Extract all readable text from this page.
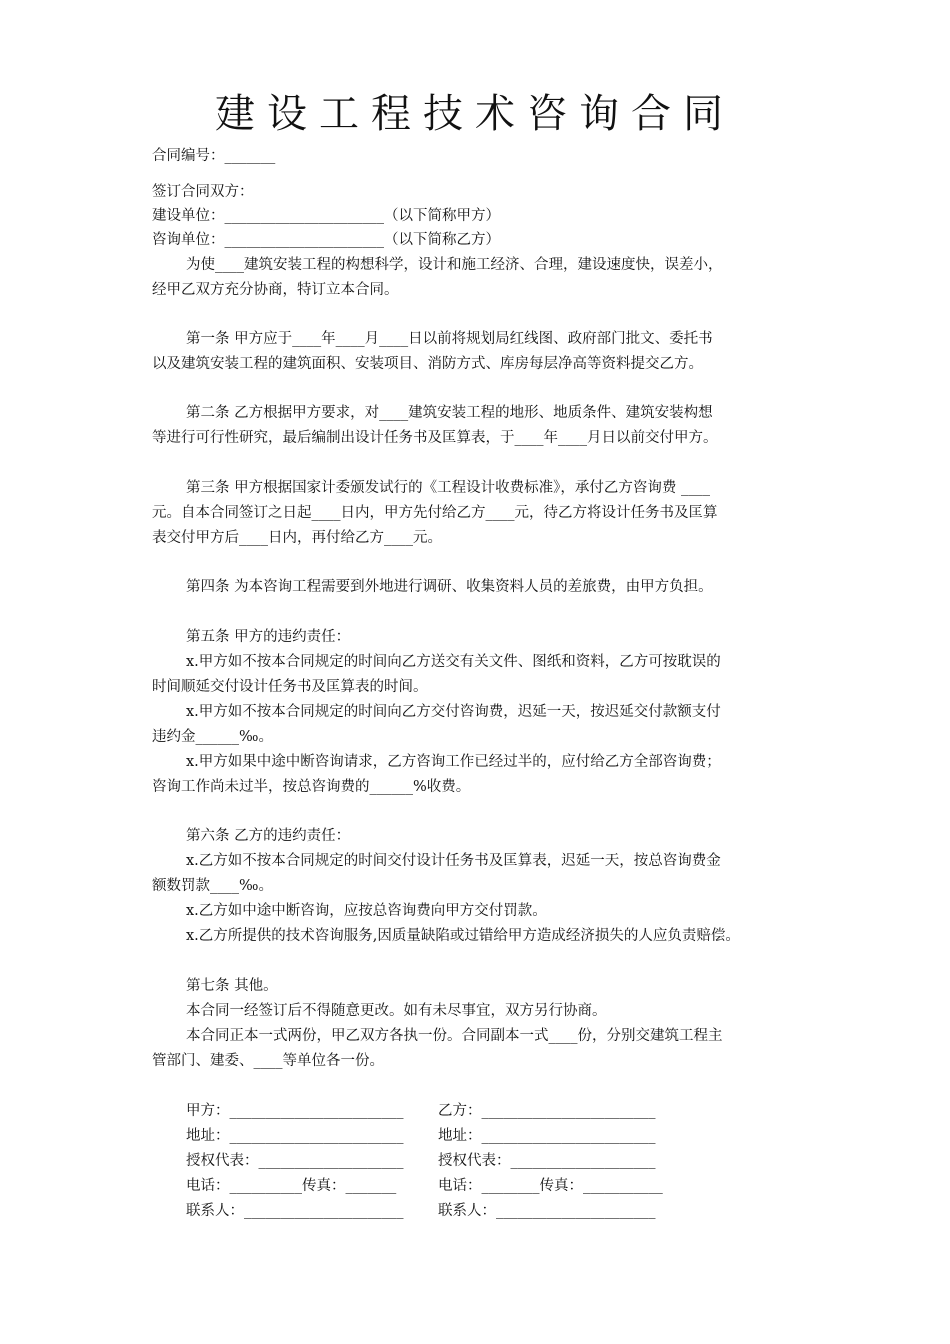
建设工程技术咨询合同
合同编号：_______
签订合同双方：
建设单位：______________________（以下简称甲方）
咨询单位：______________________（以下简称乙方）
为使____建筑安装工程的构想科学，设计和施工经济、合理，建设速度快，误差小，
经甲乙双方充分协商，特订立本合同。
第一条 甲方应于____年____月____日以前将规划局红线图、政府部门批文、委托书
以及建筑安装工程的建筑面积、安装项目、消防方式、库房每层净高等资料提交乙方。
第二条 乙方根据甲方要求，对____建筑安装工程的地形、地质条件、建筑安装构想
等进行可行性研究，最后编制出设计任务书及匡算表，于____年____月日以前交付甲方。
第三条 甲方根据国家计委颁发试行的《工程设计收费标准》，承付乙方咨询费 ____
元。自本合同签订之日起____日内，甲方先付给乙方____元，待乙方将设计任务书及匡算
表交付甲方后____日内，再付给乙方____元。
第四条 为本咨询工程需要到外地进行调研、收集资料人员的差旅费，由甲方负担。
第五条 甲方的违约责任：
x.甲方如不按本合同规定的时间向乙方送交有关文件、图纸和资料，乙方可按耽误的
时间顺延交付设计任务书及匡算表的时间。
x.甲方如不按本合同规定的时间向乙方交付咨询费，迟延一天，按迟延交付款额支付
违约金______‰。
x.甲方如果中途中断咨询请求，乙方咨询工作已经过半的，应付给乙方全部咨询费；
咨询工作尚未过半，按总咨询费的______%收费。
第六条 乙方的违约责任：
x.乙方如不按本合同规定的时间交付设计任务书及匡算表，迟延一天，按总咨询费金
额数罚款____‰。
x.乙方如中途中断咨询，应按总咨询费向甲方交付罚款。
x.乙方所提供的技术咨询服务,因质量缺陷或过错给甲方造成经济损失的人应负责赔偿。
第七条 其他。
本合同一经签订后不得随意更改。如有未尽事宜，双方另行协商。
本合同正本一式两份，甲乙双方各执一份。合同副本一式____份，分别交建筑工程主
管部门、建委、____等单位各一份。
甲方：________________________ 乙方：________________________
地址：________________________ 地址：________________________
授权代表：____________________ 授权代表：____________________
电话：__________传真：_______	电话：________传真：___________
联系人：______________________ 联系人：______________________
